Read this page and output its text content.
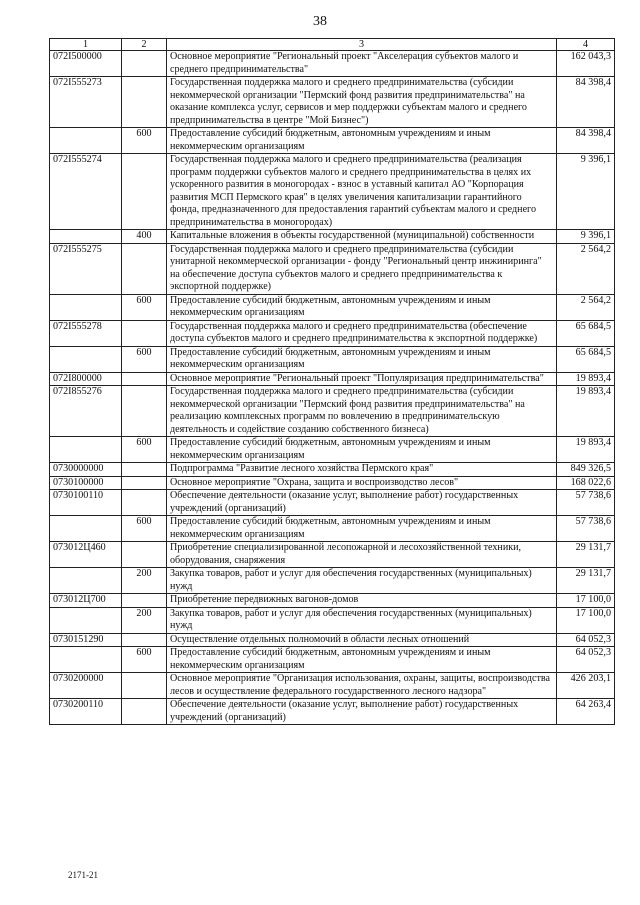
38
1	2	3	4
072I500000		Основное мероприятие "Региональный проект "Акселерация субъектов малого и среднего предпринимательства"	162 043,3
072I555273		Государственная поддержка малого и среднего предпринимательства (субсидии некоммерческой организации "Пермский фонд развития предпринимательства" на оказание комплекса услуг, сервисов и мер поддержки субъектам малого и среднего предпринимательства в центре "Мой Бизнес")	84 398,4
	600	Предоставление субсидий бюджетным, автономным учреждениям и иным некоммерческим организациям	84 398,4
072I555274		Государственная поддержка малого и среднего предпринимательства (реализация программ поддержки субъектов малого и среднего предпринимательства в целях их ускоренного развития в моногородах - взнос в уставный капитал АО "Корпорация развития МСП Пермского края" в целях увеличения капитализации гарантийного фонда, предназначенного для предоставления гарантий субъектам малого и среднего предпринимательства в моногородах)	9 396,1
	400	Капитальные вложения в объекты государственной (муниципальной) собственности	9 396,1
072I555275		Государственная поддержка малого и среднего предпринимательства (субсидии унитарной некоммерческой организации - фонду "Региональный центр инжиниринга" на обеспечение доступа субъектов малого и среднего предпринимательства к экспортной поддержке)	2 564,2
	600	Предоставление субсидий бюджетным, автономным учреждениям и иным некоммерческим организациям	2 564,2
072I555278		Государственная поддержка малого и среднего предпринимательства (обеспечение доступа субъектов малого и среднего предпринимательства к экспортной поддержке)	65 684,5
	600	Предоставление субсидий бюджетным, автономным учреждениям и иным некоммерческим организациям	65 684,5
072I800000		Основное мероприятие "Региональный проект "Популяризация предпринимательства"	19 893,4
072I855276		Государственная поддержка малого и среднего предпринимательства (субсидии некоммерческой организации "Пермский фонд развития предпринимательства" на реализацию комплексных программ по вовлечению в предпринимательскую деятельность и содействие созданию собственного бизнеса)	19 893,4
	600	Предоставление субсидий бюджетным, автономным учреждениям и иным некоммерческим организациям	19 893,4
0730000000		Подпрограмма "Развитие лесного хозяйства Пермского края"	849 326,5
0730100000		Основное мероприятие "Охрана, защита и воспроизводство лесов"	168 022,6
0730100110		Обеспечение деятельности (оказание услуг, выполнение работ) государственных учреждений (организаций)	57 738,6
	600	Предоставление субсидий бюджетным, автономным учреждениям и иным некоммерческим организациям	57 738,6
073012Ц460		Приобретение специализированной лесопожарной и лесохозяйственной техники, оборудования, снаряжения	29 131,7
	200	Закупка товаров, работ и услуг для обеспечения государственных (муниципальных) нужд	29 131,7
073012Ц700		Приобретение передвижных вагонов-домов	17 100,0
	200	Закупка товаров, работ и услуг для обеспечения государственных (муниципальных) нужд	17 100,0
0730151290		Осуществление отдельных полномочий в области лесных отношений	64 052,3
	600	Предоставление субсидий бюджетным, автономным учреждениям и иным некоммерческим организациям	64 052,3
0730200000		Основное мероприятие "Организация использования, охраны, защиты, воспроизводства лесов и осуществление федерального государственного лесного надзора"	426 203,1
0730200110		Обеспечение деятельности (оказание услуг, выполнение работ) государственных учреждений (организаций)	64 263,4
2171-21
